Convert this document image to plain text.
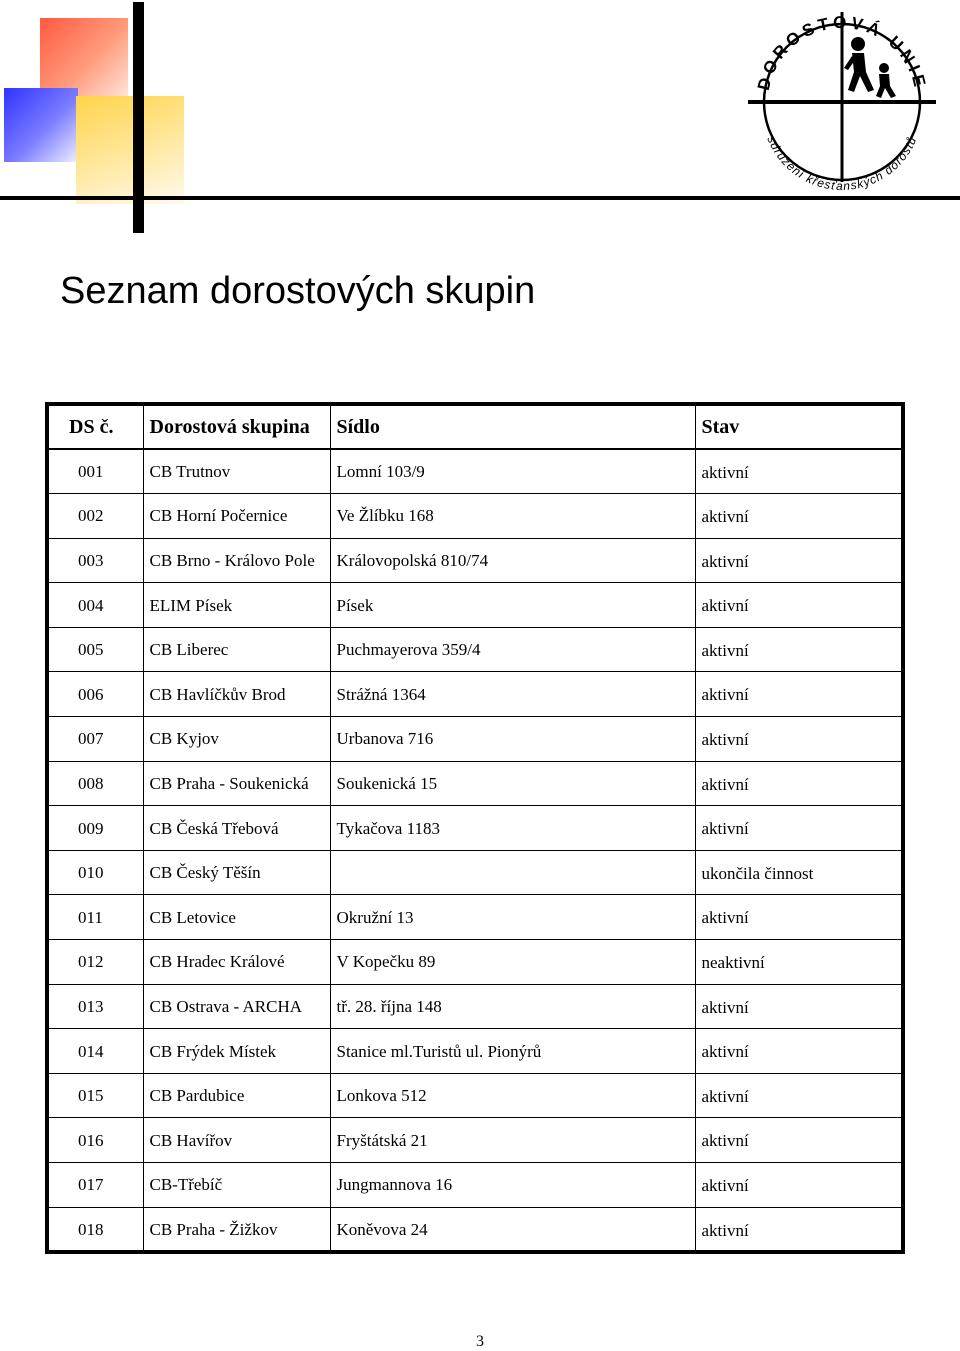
DOROSTOVÁ UNIE
sdružení křesťanských dorostů
Seznam dorostových skupin
DS č.	Dorostová skupina	Sídlo	Stav
001	CB Trutnov	Lomní 103/9	aktivní
002	CB Horní Počernice	Ve Žlíbku 168	aktivní
003	CB Brno - Královo Pole	Královopolská 810/74	aktivní
004	ELIM Písek	Písek	aktivní
005	CB Liberec	Puchmayerova 359/4	aktivní
006	CB Havlíčkův Brod	Strážná 1364	aktivní
007	CB Kyjov	Urbanova 716	aktivní
008	CB Praha - Soukenická	Soukenická 15	aktivní
009	CB Česká Třebová	Tykačova 1183	aktivní
010	CB Český Těšín		ukončila činnost
011	CB Letovice	Okružní 13	aktivní
012	CB Hradec Králové	V Kopečku 89	neaktivní
013	CB Ostrava - ARCHA	tř. 28. října 148	aktivní
014	CB Frýdek Místek	Stanice ml.Turistů ul. Pionýrů	aktivní
015	CB Pardubice	Lonkova 512	aktivní
016	CB Havířov	Fryštátská 21	aktivní
017	CB-Třebíč	Jungmannova 16	aktivní
018	CB Praha - Žižkov	Koněvova 24	aktivní
3
